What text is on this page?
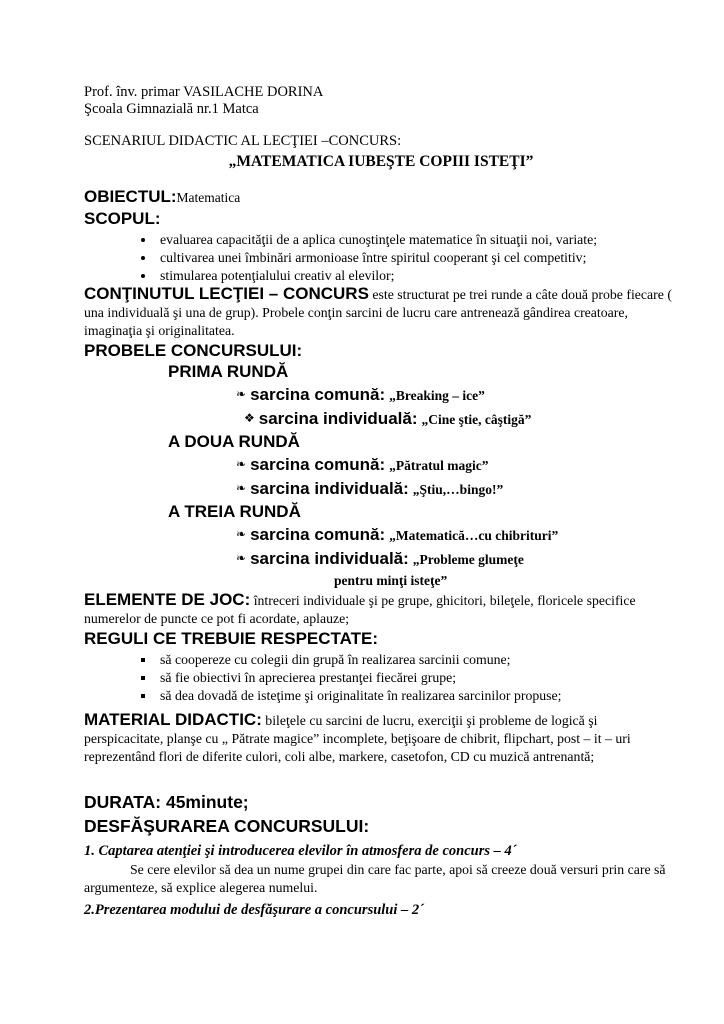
Prof. înv. primar VASILACHE DORINA
Şcoala Gimnazială nr.1 Matca
SCENARIUL DIDACTIC AL LECŢIEI –CONCURS:
„MATEMATICA IUBEŞTE COPIII ISTEŢI”
OBIECTUL:Matematica
SCOPUL:
• evaluarea capacităţii de a aplica cunoştinţele matematice în situaţii noi, variate;
• cultivarea unei îmbinări armonioase între spiritul cooperant şi cel competitiv;
• stimularea potenţialului creativ al elevilor;
CONŢINUTUL LECŢIEI – CONCURS este structurat pe trei runde a câte două probe fiecare ( una individuală şi una de grup). Probele conţin sarcini de lucru care antrenează gândirea creatoare, imaginaţia şi originalitatea.
PROBELE CONCURSULUI:
PRIMA RUNDĂ
❧ sarcina comună: „Breaking – ice”
❖ sarcina individuală: „Cine ştie, câştigă”
A DOUA RUNDĂ
❧ sarcina comună: „Pătratul magic”
❧ sarcina individuală: „Ştiu,…bingo!”
A TREIA RUNDĂ
❧ sarcina comună: „Matematică…cu chibrituri”
❧ sarcina individuală: „Probleme glumeţe
pentru minţi isteţe”
ELEMENTE DE JOC: întreceri individuale şi pe grupe, ghicitori, bileţele, floricele specifice numerelor de puncte ce pot fi acordate, aplauze;
REGULI CE TREBUIE RESPECTATE:
▪ să coopereze cu colegii din grupă în realizarea sarcinii comune;
▪ să fie obiectivi în aprecierea prestanţei fiecărei grupe;
▪ să dea dovadă de isteţime şi originalitate în realizarea sarcinilor propuse;
MATERIAL DIDACTIC: bileţele cu sarcini de lucru, exerciţii şi probleme de logică şi perspicacitate, planşe cu „ Pătrate magice” incomplete, beţişoare de chibrit, flipchart, post – it – uri reprezentând flori de diferite culori, coli albe, markere, casetofon, CD cu muzică antrenantă;
DURATA: 45minute;
DESFĂŞURAREA CONCURSULUI:
1. Captarea atenţiei şi introducerea elevilor în atmosfera de concurs – 4´
Se cere elevilor să dea un nume grupei din care fac parte, apoi să creeze două versuri prin care să argumenteze, să explice alegerea numelui.
2.Prezentarea modului de desfăşurare a concursului – 2´
